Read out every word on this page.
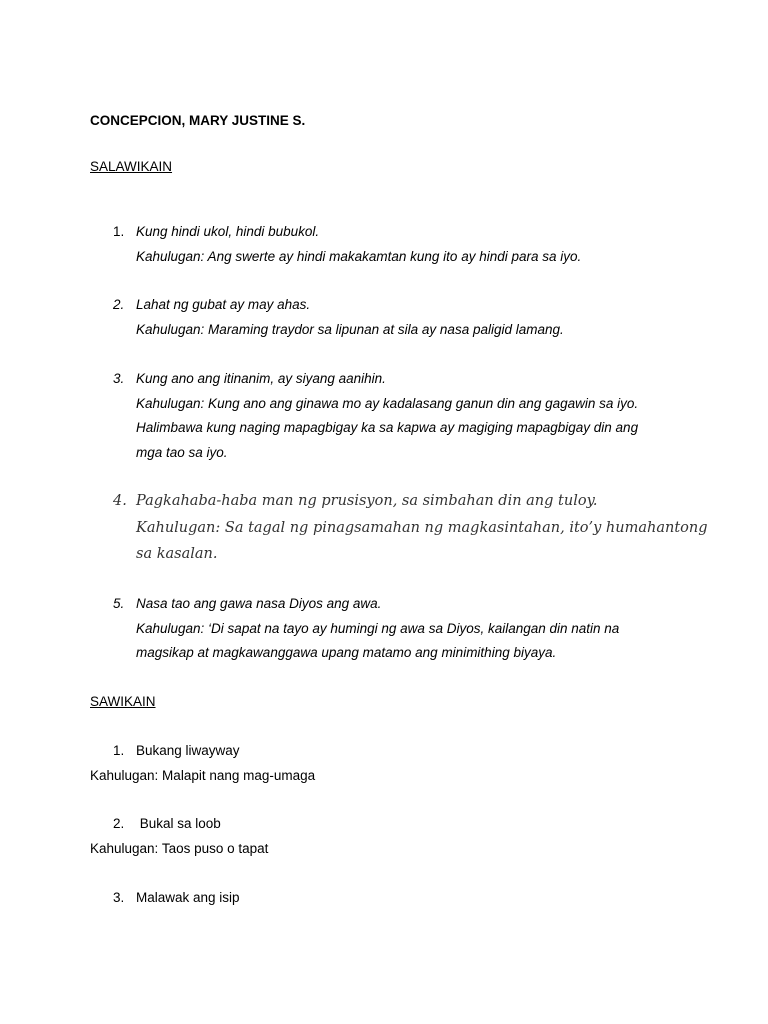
CONCEPCION, MARY JUSTINE S.
SALAWIKAIN
1. Kung hindi ukol, hindi bubukol.
Kahulugan: Ang swerte ay hindi makakamtan kung ito ay hindi para sa iyo.
2. Lahat ng gubat ay may ahas.
Kahulugan: Maraming traydor sa lipunan at sila ay nasa paligid lamang.
3. Kung ano ang itinanim, ay siyang aanihin.
Kahulugan: Kung ano ang ginawa mo ay kadalasang ganun din ang gagawin sa iyo.
Halimbawa kung naging mapagbigay ka sa kapwa ay magiging mapagbigay din ang
mga tao sa iyo.
4. Pagkahaba-haba man ng prusisyon, sa simbahan din ang tuloy.
Kahulugan: Sa tagal ng pinagsamahan ng magkasintahan, ito’y humahantong
sa kasalan.
5. Nasa tao ang gawa nasa Diyos ang awa.
Kahulugan: ‘Di sapat na tayo ay humingi ng awa sa Diyos, kailangan din natin na
magsikap at magkawanggawa upang matamo ang minimithing biyaya.
SAWIKAIN
1. Bukang liwayway
Kahulugan: Malapit nang mag-umaga
2. Bukal sa loob
Kahulugan: Taos puso o tapat
3. Malawak ang isip
